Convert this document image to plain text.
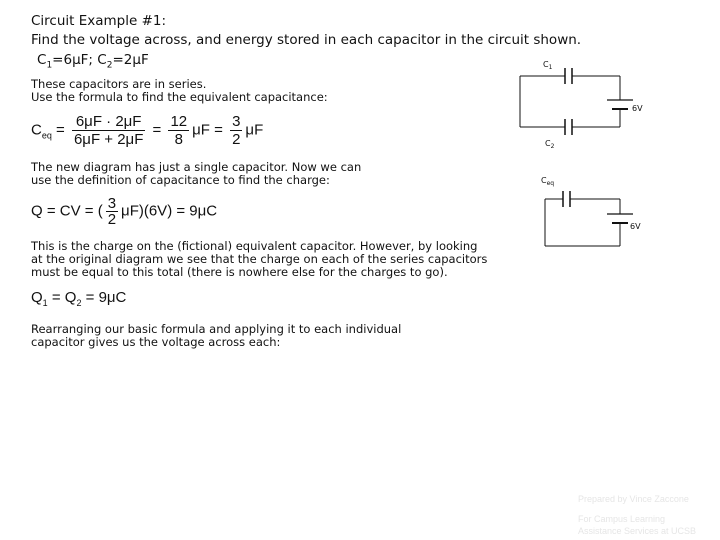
Circuit Example #1:
Find the voltage across, and energy stored in each capacitor in the circuit shown.
$C_1=6\mu F$; $C_2=2\mu F$
These capacitors are in series.
Use the formula to find the equivalent capacitance:
$C_{eq} = \frac{6\mu F \cdot 2\mu F}{6\mu F + 2\mu F} = \frac{12}{8}$ $\mu F = \frac{3}{2}$ μF
The new diagram has just a single capacitor. Now we can
use the definition of capacitance to find the charge:
Q = CV = ( $\frac{3}{2} \mu F)(6V) = 9\mu C$
This is the charge on the (fictional) equivalent capacitor. However, by looking
at the original diagram we see that the charge on each of the series capacitors
must be equal to this total (there is nowhere else for the charges to go).
$Q_1 = Q_2 = 9\mu C$
Rearranging our basic formula and applying it to each individual
capacitor gives us the voltage across each:
$C_1$
$C_2$
6V
$C_{eq}$
6V
Prepared by Vince Zaccone
For Campus Learning
Assistance Services at UCSB
